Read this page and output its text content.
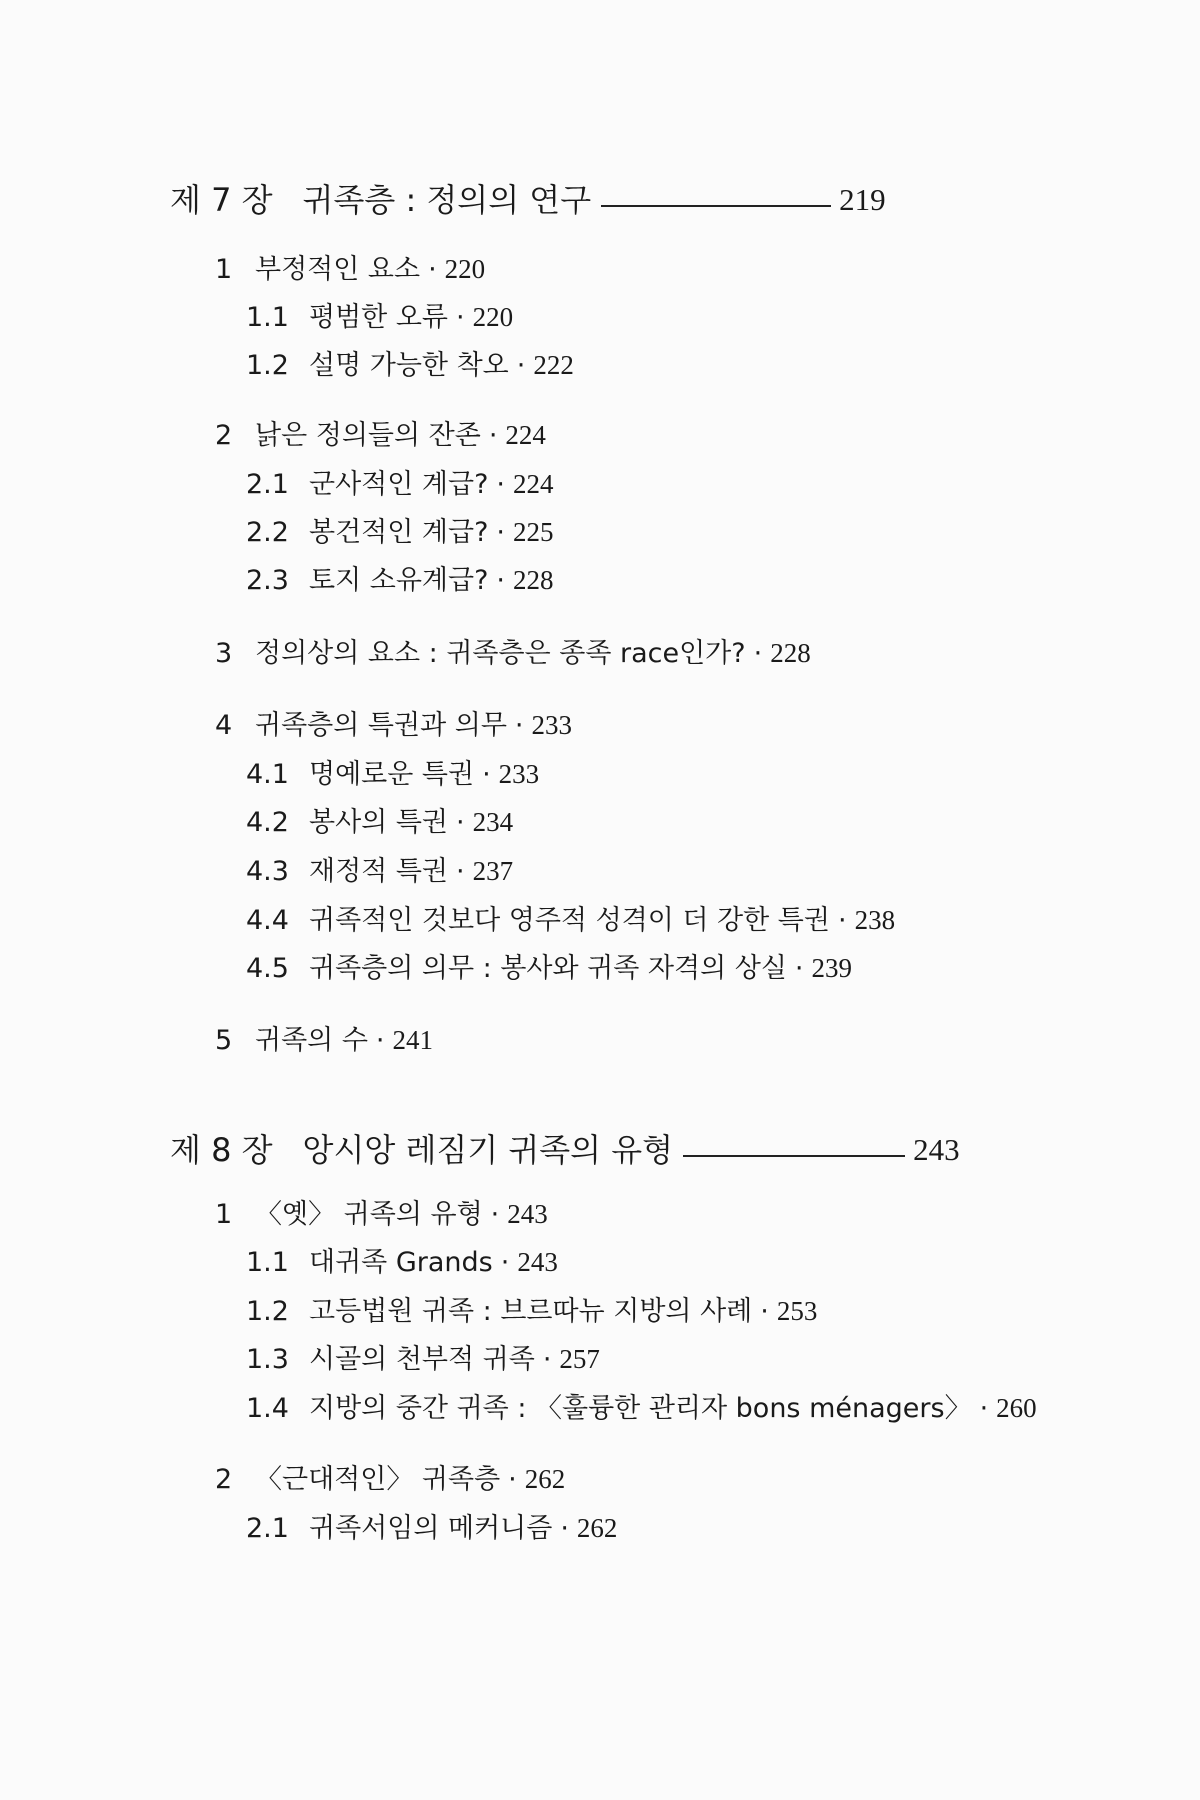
제 7 장 귀족층 : 정의의 연구	219
1 부정적인 요소 · 220
1.1 평범한 오류 · 220
1.2 설명 가능한 착오 · 222
2 낡은 정의들의 잔존 · 224
2.1 군사적인 계급? · 224
2.2 봉건적인 계급? · 225
2.3 토지 소유계급? · 228
3 정의상의 요소 : 귀족층은 종족 race인가? · 228
4 귀족층의 특권과 의무 · 233
4.1 명예로운 특권 · 233
4.2 봉사의 특권 · 234
4.3 재정적 특권 · 237
4.4 귀족적인 것보다 영주적 성격이 더 강한 특권 · 238
4.5 귀족층의 의무 : 봉사와 귀족 자격의 상실 · 239
5 귀족의 수 · 241
제 8 장 앙시앙 레짐기 귀족의 유형	243
1 〈옛〉 귀족의 유형 · 243
1.1 대귀족 Grands · 243
1.2 고등법원 귀족 : 브르따뉴 지방의 사례 · 253
1.3 시골의 천부적 귀족 · 257
1.4 지방의 중간 귀족 : 〈훌륭한 관리자 bons ménagers〉 · 260
2 〈근대적인〉 귀족층 · 262
2.1 귀족서임의 메커니즘 · 262
